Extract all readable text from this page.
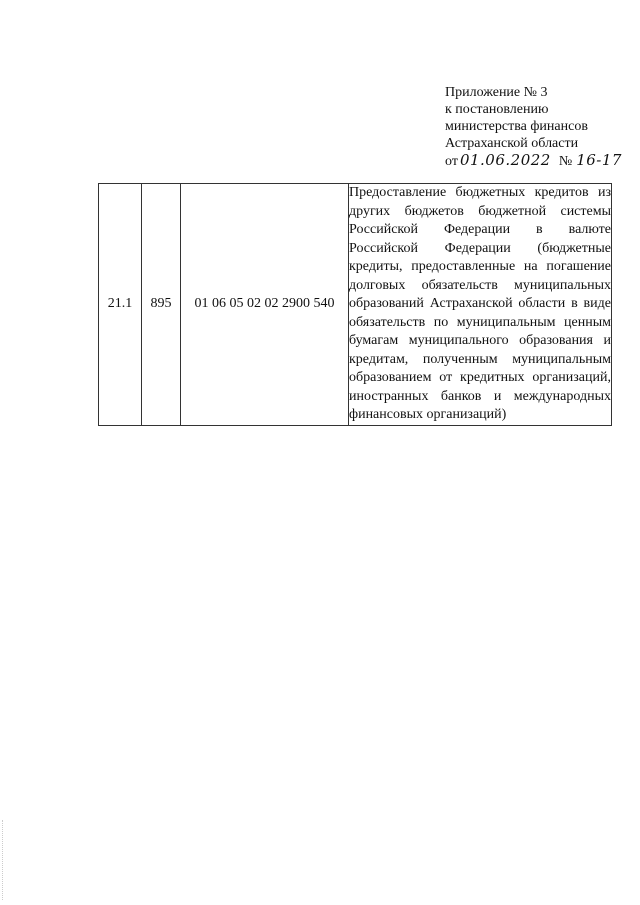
Приложение № 3
к постановлению
министерства финансов
Астраханской области
от 01.06.2022 № 16-17
21.1	895	01 06 05 02 02 2900 540	Предоставление бюджетных кредитов из других бюджетов бюджетной системы Российской Федерации в валюте Российской Федерации (бюджетные кредиты, предоставленные на погашение долговых обязательств муниципальных образований Астраханской области в виде обязательств по муниципальным ценным бумагам муниципального образования и кредитам, полученным муниципальным образованием от кредитных организаций, иностранных банков и международных финансовых организаций)
